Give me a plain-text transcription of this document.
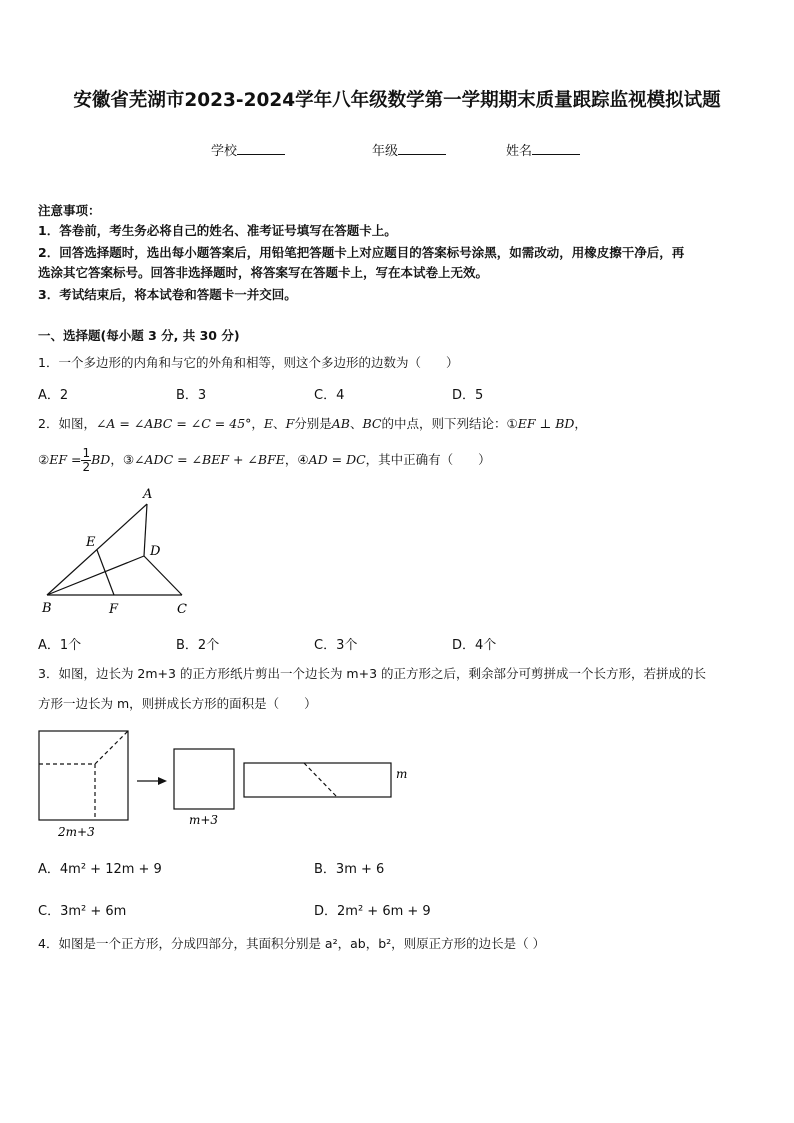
安徽省芜湖市2023-2024学年八年级数学第一学期期末质量跟踪监视模拟试题
学校	年级	姓名
注意事项：
1．答卷前，考生务必将自己的姓名、准考证号填写在答题卡上。
2．回答选择题时，选出每小题答案后，用铅笔把答题卡上对应题目的答案标号涂黑，如需改动，用橡皮擦干净后，再
选涂其它答案标号。回答非选择题时，将答案写在答题卡上，写在本试卷上无效。
3．考试结束后，将本试卷和答题卡一并交回。
一、选择题(每小题 3 分, 共 30 分)
1．一个多边形的内角和与它的外角和相等，则这个多边形的边数为（　　）
A．2	B．3	C．4	D．5
2．如图，∠A = ∠ABC = ∠C = 45°，E、F分别是AB、BC的中点，则下列结论：①EF ⊥ BD，
②EF = $\frac{1}{2}$ BD，③∠ADC = ∠BEF + ∠BFE，④AD = DC，其中正确有（　　）
A
E
D
B	F	C
A．1个	B．2个	C．3个	D．4个
3．如图，边长为 2m+3 的正方形纸片剪出一个边长为 m+3 的正方形之后，剩余部分可剪拼成一个长方形，若拼成的长
方形一边长为 m，则拼成长方形的面积是（　　）
2m+3
m+3
m
A．4m² + 12m + 9	B．3m + 6
C．3m² + 6m	D．2m² + 6m + 9
4．如图是一个正方形，分成四部分，其面积分别是 a²，ab，b²，则原正方形的边长是（ ）
